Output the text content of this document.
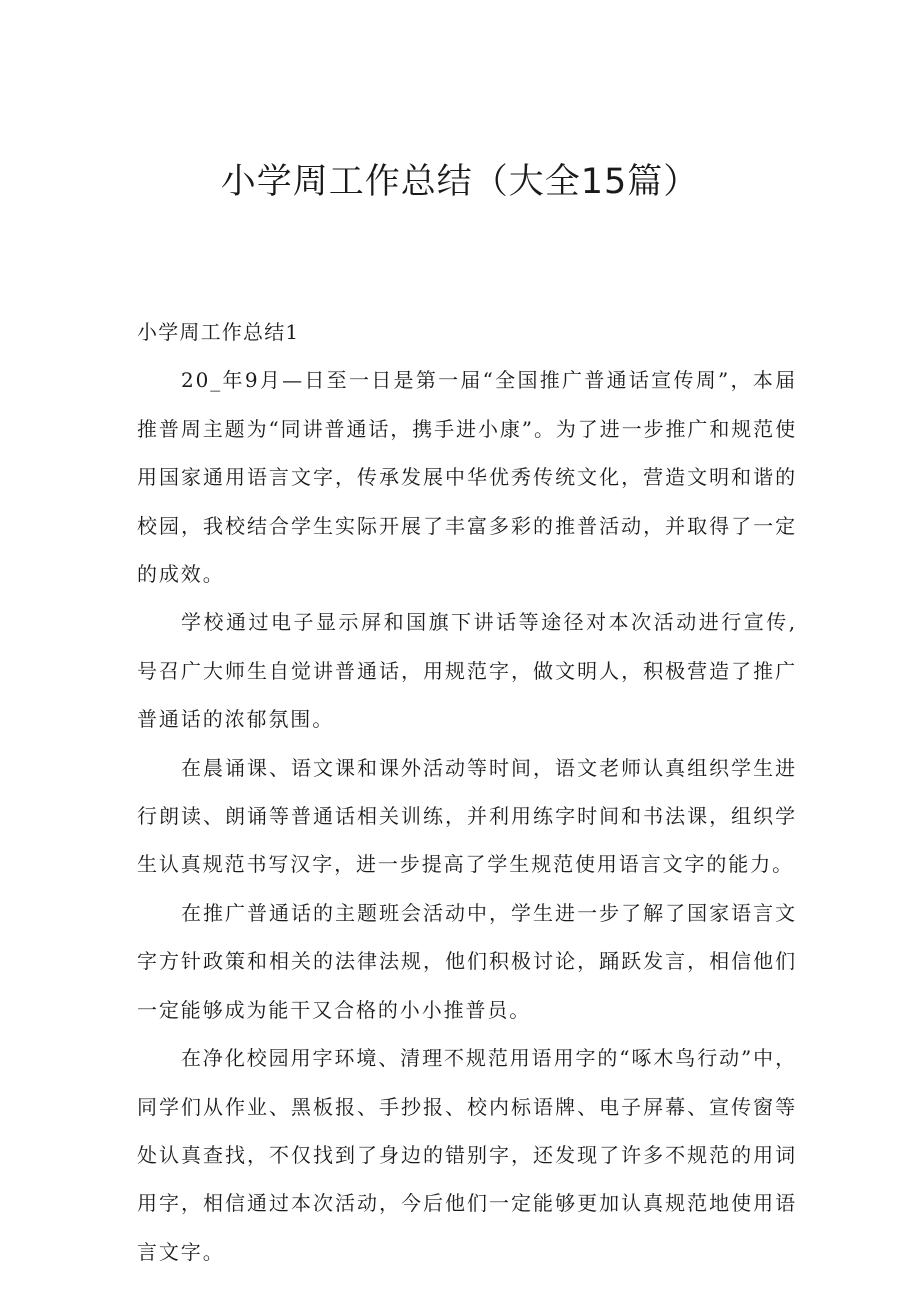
小学周工作总结（大全15篇）
小学周工作总结1

20_年9月—日至一日是第一届“全国推广普通话宣传周”，本届推普周主题为“同讲普通话，携手进小康”。为了进一步推广和规范使用国家通用语言文字，传承发展中华优秀传统文化，营造文明和谐的校园，我校结合学生实际开展了丰富多彩的推普活动，并取得了一定的成效。

学校通过电子显示屏和国旗下讲话等途径对本次活动进行宣传,号召广大师生自觉讲普通话，用规范字，做文明人，积极营造了推广普通话的浓郁氛围。

在晨诵课、语文课和课外活动等时间，语文老师认真组织学生进行朗读、朗诵等普通话相关训练，并利用练字时间和书法课，组织学生认真规范书写汉字，进一步提高了学生规范使用语言文字的能力。

在推广普通话的主题班会活动中，学生进一步了解了国家语言文字方针政策和相关的法律法规，他们积极讨论，踊跃发言，相信他们一定能够成为能干又合格的小小推普员。

在净化校园用字环境、清理不规范用语用字的“啄木鸟行动”中，同学们从作业、黑板报、手抄报、校内标语牌、电子屏幕、宣传窗等处认真查找，不仅找到了身边的错别字，还发现了许多不规范的用词用字，相信通过本次活动，今后他们一定能够更加认真规范地使用语言文字。
